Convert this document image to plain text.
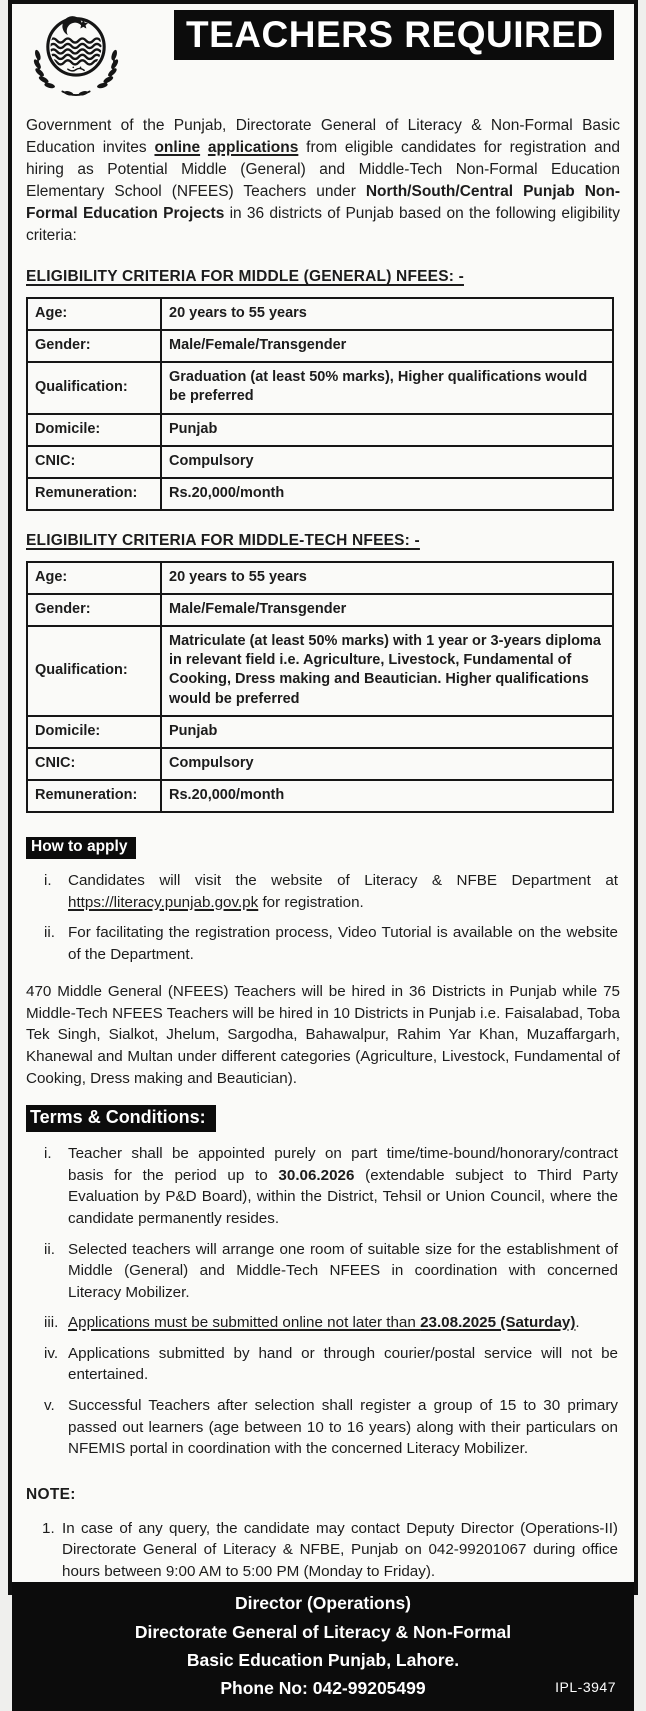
TEACHERS REQUIRED

Government of the Punjab, Directorate General of Literacy & Non-Formal Basic Education invites online applications from eligible candidates for registration and hiring as Potential Middle (General) and Middle-Tech Non-Formal Education Elementary School (NFEES) Teachers under North/South/Central Punjab Non-Formal Education Projects in 36 districts of Punjab based on the following eligibility criteria:

ELIGIBILITY CRITERIA FOR MIDDLE (GENERAL) NFEES: -
Age:	20 years to 55 years
Gender:	Male/Female/Transgender
Qualification:	Graduation (at least 50% marks), Higher qualifications would be preferred
Domicile:	Punjab
CNIC:	Compulsory
Remuneration:	Rs.20,000/month
ELIGIBILITY CRITERIA FOR MIDDLE-TECH NFEES: -
Age:	20 years to 55 years
Gender:	Male/Female/Transgender
Qualification:	Matriculate (at least 50% marks) with 1 year or 3-years diploma in relevant field i.e. Agriculture, Livestock, Fundamental of Cooking, Dress making and Beautician. Higher qualifications would be preferred
Domicile:	Punjab
CNIC:	Compulsory
Remuneration:	Rs.20,000/month
How to apply
i.	Candidates will visit the website of Literacy & NFBE Department at https://literacy.punjab.gov.pk for registration.
ii. For facilitating the registration process, Video Tutorial is available on the website of the Department.

470 Middle General (NFEES) Teachers will be hired in 36 Districts in Punjab while 75 Middle-Tech NFEES Teachers will be hired in 10 Districts in Punjab i.e. Faisalabad, Toba Tek Singh, Sialkot, Jhelum, Sargodha, Bahawalpur, Rahim Yar Khan, Muzaffargarh, Khanewal and Multan under different categories (Agriculture, Livestock, Fundamental of Cooking, Dress making and Beautician).

Terms & Conditions:
i.	Teacher shall be appointed purely on part time/time-bound/honorary/contract basis for the period up to 30.06.2026 (extendable subject to Third Party Evaluation by P&D Board), within the District, Tehsil or Union Council, where the candidate permanently resides.
ii. Selected teachers will arrange one room of suitable size for the establishment of Middle (General) and Middle-Tech NFEES in coordination with concerned Literacy Mobilizer.
iii. Applications must be submitted online not later than 23.08.2025 (Saturday).
iv. Applications submitted by hand or through courier/postal service will not be entertained.
v. Successful Teachers after selection shall register a group of 15 to 30 primary passed out learners (age between 10 to 16 years) along with their particulars on NFEMIS portal in coordination with the concerned Literacy Mobilizer.
NOTE:
1. In case of any query, the candidate may contact Deputy Director (Operations-II) Directorate General of Literacy & NFBE, Punjab on 042-99201067 during office hours between 9:00 AM to 5:00 PM (Monday to Friday).
Director (Operations)
Directorate General of Literacy & Non-Formal
Basic Education Punjab, Lahore.
Phone No: 042-99205499	IPL-3947
